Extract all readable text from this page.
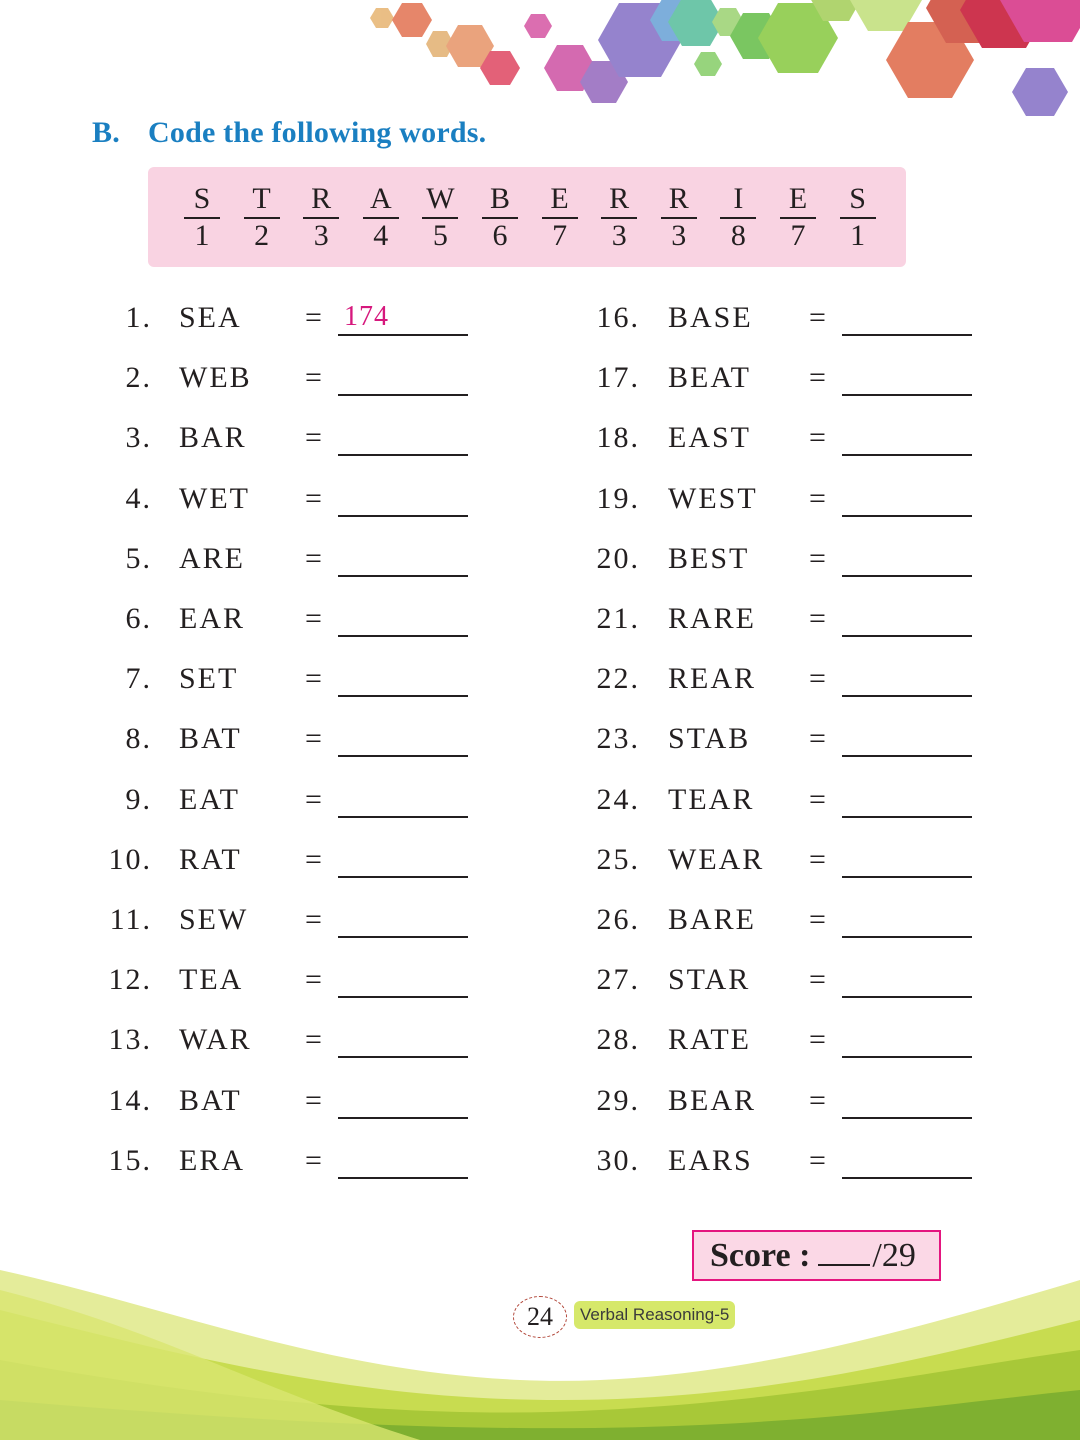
B. Code the following words.
S
1
T
2
R
3
A
4
W
5
B
6
E
7
R
3
R
3
I
8
E
7
S
1
1. SEA = 174
2. WEB =
3. BAR =
4. WET =
5. ARE =
6. EAR =
7. SET =
8. BAT =
9. EAT =
10. RAT =
11. SEW =
12. TEA =
13. WAR =
14. BAT =
15. ERA =
16. BASE =
17. BEAT =
18. EAST =
19. WEST =
20. BEST =
21. RARE =
22. REAR =
23. STAB =
24. TEAR =
25. WEAR =
26. BARE =
27. STAR =
28. RATE =
29. BEAR =
30. EARS =
Score : /29
24	Verbal Reasoning-5
